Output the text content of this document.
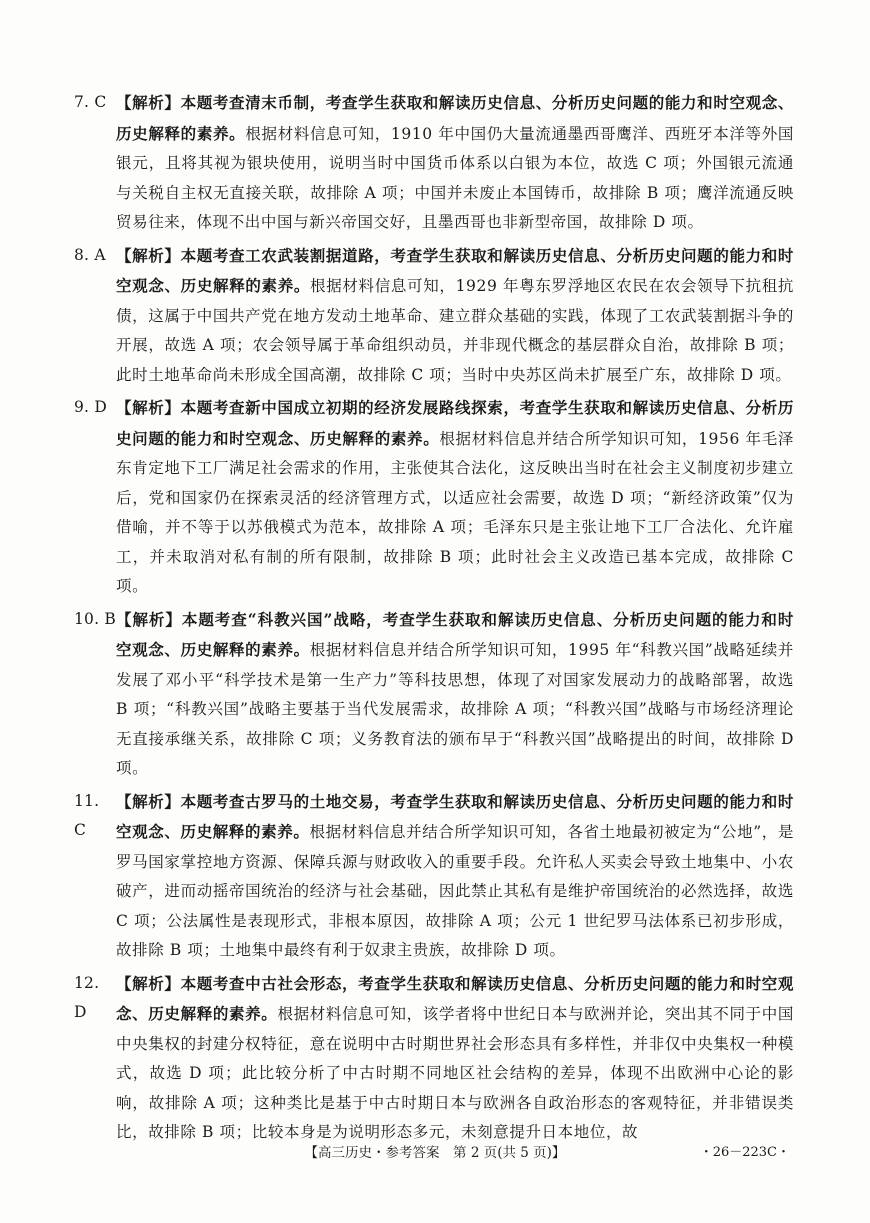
7. C 【解析】本题考查清末币制，考查学生获取和解读历史信息、分析历史问题的能力和时空观念、历史解释的素养。根据材料信息可知，1910 年中国仍大量流通墨西哥鹰洋、西班牙本洋等外国银元，且将其视为银块使用，说明当时中国货币体系以白银为本位，故选 C 项；外国银元流通与关税自主权无直接关联，故排除 A 项；中国并未废止本国铸币，故排除 B 项；鹰洋流通反映贸易往来，体现不出中国与新兴帝国交好，且墨西哥也非新型帝国，故排除 D 项。
8. A 【解析】本题考查工农武装割据道路，考查学生获取和解读历史信息、分析历史问题的能力和时空观念、历史解释的素养。根据材料信息可知，1929 年粤东罗浮地区农民在农会领导下抗租抗债，这属于中国共产党在地方发动土地革命、建立群众基础的实践，体现了工农武装割据斗争的开展，故选 A 项；农会领导属于革命组织动员，并非现代概念的基层群众自治，故排除 B 项；此时土地革命尚未形成全国高潮，故排除 C 项；当时中央苏区尚未扩展至广东，故排除 D 项。
9. D 【解析】本题考查新中国成立初期的经济发展路线探索，考查学生获取和解读历史信息、分析历史问题的能力和时空观念、历史解释的素养。根据材料信息并结合所学知识可知，1956 年毛泽东肯定地下工厂满足社会需求的作用，主张使其合法化，这反映出当时在社会主义制度初步建立后，党和国家仍在探索灵活的经济管理方式，以适应社会需要，故选 D 项；“新经济政策”仅为借喻，并不等于以苏俄模式为范本，故排除 A 项；毛泽东只是主张让地下工厂合法化、允许雇工，并未取消对私有制的所有限制，故排除 B 项；此时社会主义改造已基本完成，故排除 C 项。
10. B 【解析】本题考查“科教兴国”战略，考查学生获取和解读历史信息、分析历史问题的能力和时空观念、历史解释的素养。根据材料信息并结合所学知识可知，1995 年“科教兴国”战略延续并发展了邓小平“科学技术是第一生产力”等科技思想，体现了对国家发展动力的战略部署，故选 B 项；“科教兴国”战略主要基于当代发展需求，故排除 A 项；“科教兴国”战略与市场经济理论无直接承继关系，故排除 C 项；义务教育法的颁布早于“科教兴国”战略提出的时间，故排除 D 项。
11. C
【解析】本题考查古罗马的土地交易，考查学生获取和解读历史信息、分析历史问题的能力和时空观念、历史解释的素养。根据材料信息并结合所学知识可知，各省土地最初被定为“公地”，是罗马国家掌控地方资源、保障兵源与财政收入的重要手段。允许私人买卖会导致土地集中、小农破产，进而动摇帝国统治的经济与社会基础，因此禁止其私有是维护帝国统治的必然选择，故选 C 项；公法属性是表现形式，非根本原因，故排除 A 项；公元 1 世纪罗马法体系已初步形成，故排除 B 项；土地集中最终有利于奴隶主贵族，故排除 D 项。
12. D
【解析】本题考查中古社会形态，考查学生获取和解读历史信息、分析历史问题的能力和时空观念、历史解释的素养。根据材料信息可知，该学者将中世纪日本与欧洲并论，突出其不同于中国中央集权的封建分权特征，意在说明中古时期世界社会形态具有多样性，并非仅中央集权一种模式，故选 D 项；此比较分析了中古时期不同地区社会结构的差异，体现不出欧洲中心论的影响，故排除 A 项；这种类比是基于中古时期日本与欧洲各自政治形态的客观特征，并非错误类比，故排除 B 项；比较本身是为说明形态多元，未刻意提升日本地位，故
【高三历史・参考答案　第 2 页(共 5 页)】	・26－223C・
